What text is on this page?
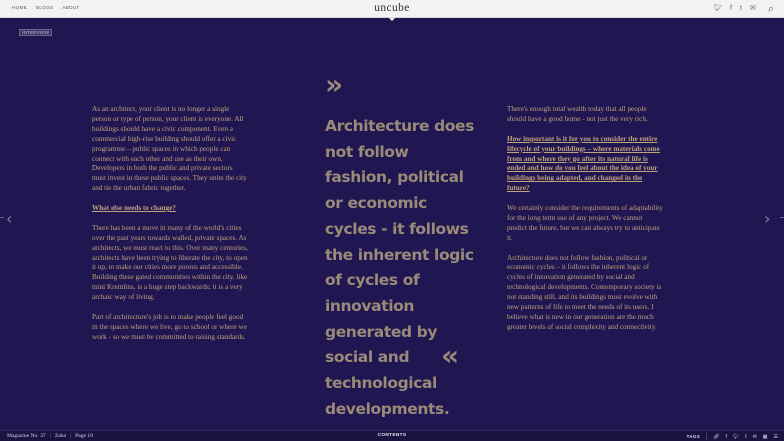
HOME BLOGS ABOUT	uncube	🐦︎ f t ✉ ⌕
INTERVIEW
‹	›

As an architect, your client is no longer a single person or type of person, your client is everyone. All buildings should have a civic component. Even a commercial high-rise building should offer a civic programme – public spaces in which people can connect with each other and use as their own. Developers in both the public and private sectors must invest in these public spaces. They unite the city and tie the urban fabric together.

What else needs to change?

There has been a move in many of the world's cities over the past years towards walled, private spaces. As architects, we must react to this. Over many centuries, architects have been trying to liberate the city, to open it up, to make our cities more porous and accessible. Building these gated communities within the city, like mini Kremlins, is a huge step backwards; it is a very archaic way of living.

Part of architecture's job is to make people feel good in the spaces where we live, go to school or where we work - so we must be committed to raising standards.

»
Architecture does not follow fashion, political or economic cycles - it follows the inherent logic of cycles of innovation generated by social and technological developments.
«

There's enough total wealth today that all people should have a good home - not just the very rich.

How important is it for you to consider the entire lifecycle of your buildings – where materials come from and where they go after its natural life is ended and how do you feel about the idea of your buildings being adapted, and changed in the future?

We certainly consider the requirements of adaptability for the long term use of any project. We cannot predict the future, but we can always try to anticipate it.

Architecture does not follow fashion, political or economic cycles – it follows the inherent logic of cycles of innovation generated by social and technological developments. Contemporary society is not standing still, and its buildings must evolve with new patterns of life to meet the needs of its users. I believe what is new in our generation are the much greater levels of social complexity and connectivity.

Magazine No. 37 | Zaha | Page 10	CONTENTS	TAGS	🔗︎ f 🐦︎ t ✉ ▦ ☰
